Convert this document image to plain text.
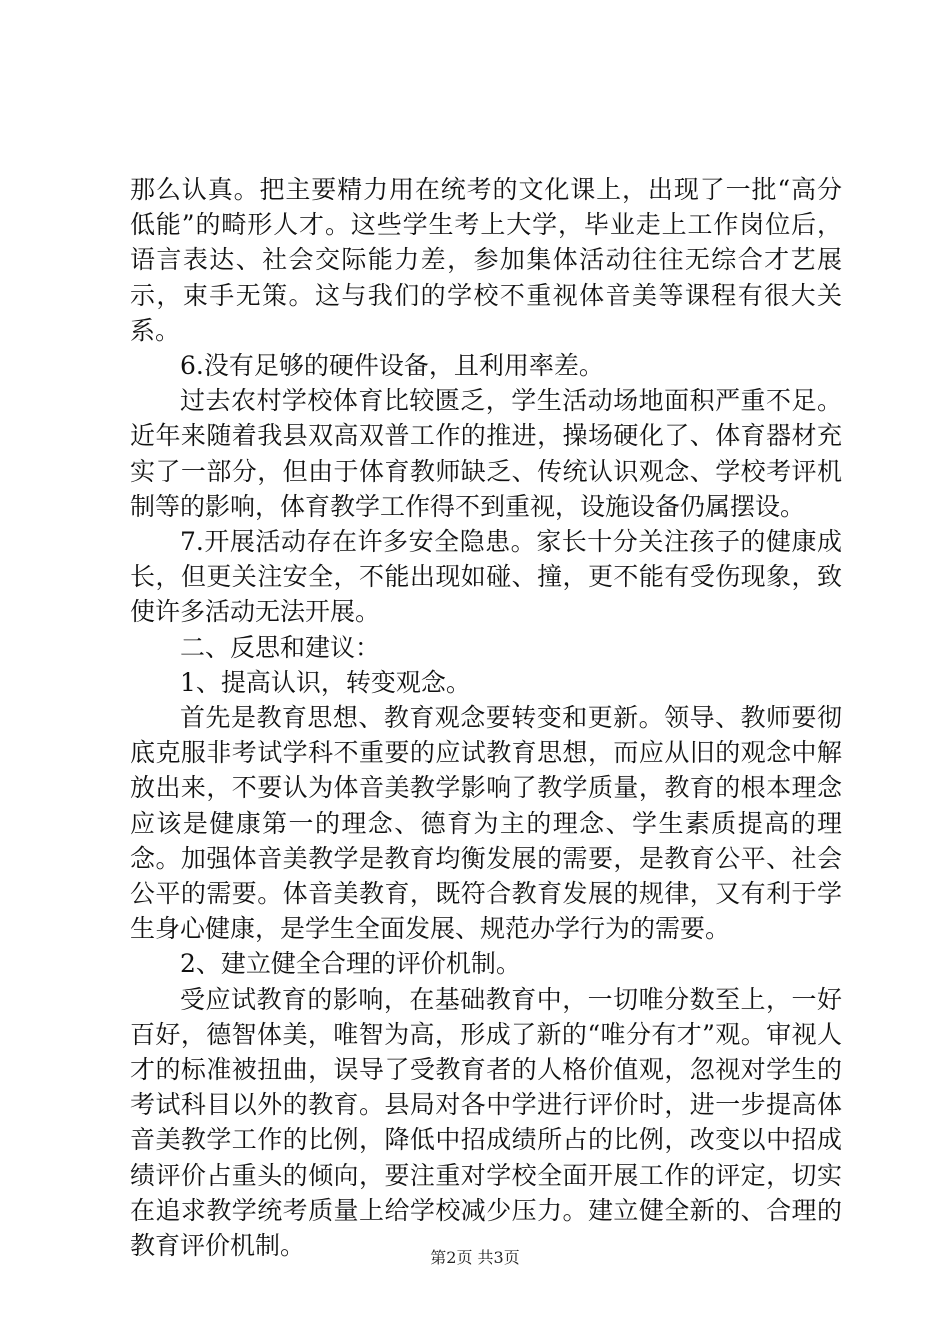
那么认真。把主要精力用在统考的文化课上，出现了一批“高分低能”的畸形人才。这些学生考上大学，毕业走上工作岗位后，语言表达、社会交际能力差，参加集体活动往往无综合才艺展示，束手无策。这与我们的学校不重视体音美等课程有很大关系。

6.没有足够的硬件设备，且利用率差。

过去农村学校体育比较匮乏，学生活动场地面积严重不足。近年来随着我县双高双普工作的推进，操场硬化了、体育器材充实了一部分，但由于体育教师缺乏、传统认识观念、学校考评机制等的影响，体育教学工作得不到重视，设施设备仍属摆设。

7.开展活动存在许多安全隐患。家长十分关注孩子的健康成长，但更关注安全，不能出现如碰、撞，更不能有受伤现象，致使许多活动无法开展。

二、反思和建议：

1、提高认识，转变观念。

首先是教育思想、教育观念要转变和更新。领导、教师要彻底克服非考试学科不重要的应试教育思想，而应从旧的观念中解放出来，不要认为体音美教学影响了教学质量，教育的根本理念应该是健康第一的理念、德育为主的理念、学生素质提高的理念。加强体音美教学是教育均衡发展的需要，是教育公平、社会公平的需要。体音美教育，既符合教育发展的规律，又有利于学生身心健康，是学生全面发展、规范办学行为的需要。

2、建立健全合理的评价机制。

受应试教育的影响，在基础教育中，一切唯分数至上，一好百好，德智体美，唯智为高，形成了新的“唯分有才”观。审视人才的标准被扭曲，误导了受教育者的人格价值观，忽视对学生的考试科目以外的教育。县局对各中学进行评价时，进一步提高体音美教学工作的比例，降低中招成绩所占的比例，改变以中招成绩评价占重头的倾向，要注重对学校全面开展工作的评定，切实在追求教学统考质量上给学校减少压力。建立健全新的、合理的教育评价机制。	第2页 共3页
